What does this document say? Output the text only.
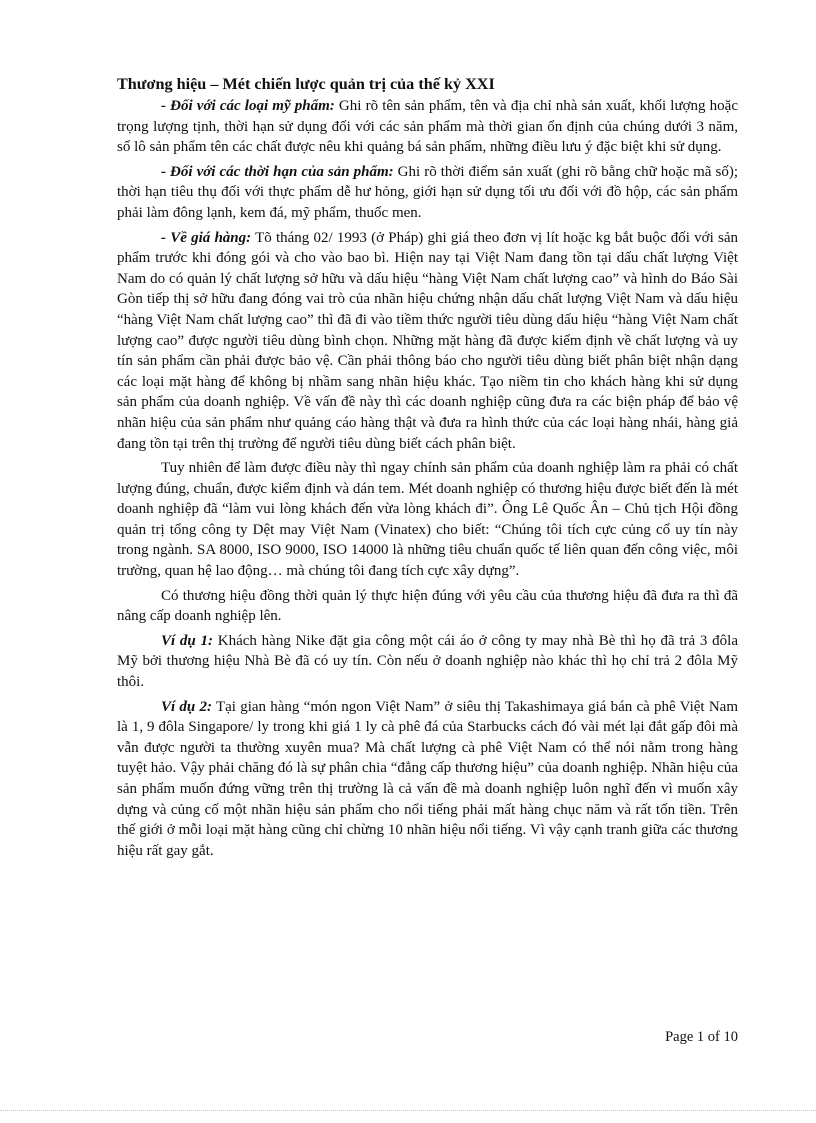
Thương hiệu – Mét chiến lược quản trị của thế kỷ XXI

- Đối với các loại mỹ phẩm: Ghi rõ tên sản phẩm, tên và địa chỉ nhà sản xuất, khối lượng hoặc trọng lượng tịnh, thời hạn sử dụng đối với các sản phẩm mà thời gian ổn định của chúng dưới 3 năm, số lô sản phẩm tên các chất được nêu khi quảng bá sản phẩm, những điều lưu ý đặc biệt khi sử dụng.

- Đối với các thời hạn của sản phẩm: Ghi rõ thời điểm sản xuất (ghi rõ bằng chữ hoặc mã số); thời hạn tiêu thụ đối với thực phẩm dễ hư hỏng, giới hạn sử dụng tối ưu đối với đồ hộp, các sản phẩm phải làm đông lạnh, kem đá, mỹ phẩm, thuốc men.

- Về giá hàng: Tõ tháng 02/ 1993 (ở Pháp) ghi giá theo đơn vị lít hoặc kg bắt buộc đối với sản phẩm trước khi đóng gói và cho vào bao bì. Hiện nay tại Việt Nam đang tồn tại dấu chất lượng Việt Nam do có quản lý chất lượng sở hữu và dấu hiệu “hàng Việt Nam chất lượng cao” và hình do Báo Sài Gòn tiếp thị sở hữu đang đóng vai trò của nhãn hiệu chứng nhận dấu chất lượng Việt Nam và dấu hiệu “hàng Việt Nam chất lượng cao” thì đã đi vào tiềm thức người tiêu dùng dấu hiệu “hàng Việt Nam chất lượng cao” được người tiêu dùng bình chọn. Những mặt hàng đã được kiểm định về chất lượng và uy tín sản phẩm cần phải được bảo vệ. Cần phải thông báo cho người tiêu dùng biết phân biệt nhận dạng các loại mặt hàng để không bị nhầm sang nhãn hiệu khác. Tạo niềm tin cho khách hàng khi sử dụng sản phẩm của doanh nghiệp. Về vấn đề này thì các doanh nghiệp cũng đưa ra các biện pháp để bảo vệ nhãn hiệu của sản phẩm như quảng cáo hàng thật và đưa ra hình thức của các loại hàng nhái, hàng giả đang tồn tại trên thị trường để người tiêu dùng biết cách phân biệt.

Tuy nhiên để làm được điều này thì ngay chính sản phẩm của doanh nghiệp làm ra phải có chất lượng đúng, chuẩn, được kiểm định và dán tem. Mét doanh nghiệp có thương hiệu được biết đến là mét doanh nghiệp đã “làm vui lòng khách đến vừa lòng khách đi”. Ông Lê Quốc Ân – Chủ tịch Hội đồng quản trị tổng công ty Dệt may Việt Nam (Vinatex) cho biết: “Chúng tôi tích cực củng cố uy tín này trong ngành. SA 8000, ISO 9000, ISO 14000 là những tiêu chuẩn quốc tế liên quan đến công việc, môi trường, quan hệ lao động… mà chúng tôi đang tích cực xây dựng”.

Có thương hiệu đồng thời quản lý thực hiện đúng với yêu cầu của thương hiệu đã đưa ra thì đã nâng cấp doanh nghiệp lên.

Ví dụ 1: Khách hàng Nike đặt gia công một cái áo ở công ty may nhà Bè thì họ đã trả 3 đôla Mỹ bởi thương hiệu Nhà Bè đã có uy tín. Còn nếu ở doanh nghiệp nào khác thì họ chỉ trả 2 đôla Mỹ thôi.

Ví dụ 2: Tại gian hàng “món ngon Việt Nam” ở siêu thị Takashimaya giá bán cà phê Việt Nam là 1, 9 đôla Singapore/ ly trong khi giá 1 ly cà phê đá của Starbucks cách đó vài mét lại đắt gấp đôi mà vẫn được người ta thường xuyên mua? Mà chất lượng cà phê Việt Nam có thể nói nằm trong hàng tuyệt hảo. Vậy phải chăng đó là sự phân chia “đẳng cấp thương hiệu” của doanh nghiệp. Nhãn hiệu của sản phẩm muốn đứng vững trên thị trường là cả vấn đề mà doanh nghiệp luôn nghĩ đến vì muốn xây dựng và củng cố một nhãn hiệu sản phẩm cho nổi tiếng phải mất hàng chục năm và rất tốn tiền. Trên thế giới ở mỗi loại mặt hàng cũng chỉ chừng 10 nhãn hiệu nổi tiếng. Vì vậy cạnh tranh giữa các thương hiệu rất gay gắt.

Page 1 of 10
